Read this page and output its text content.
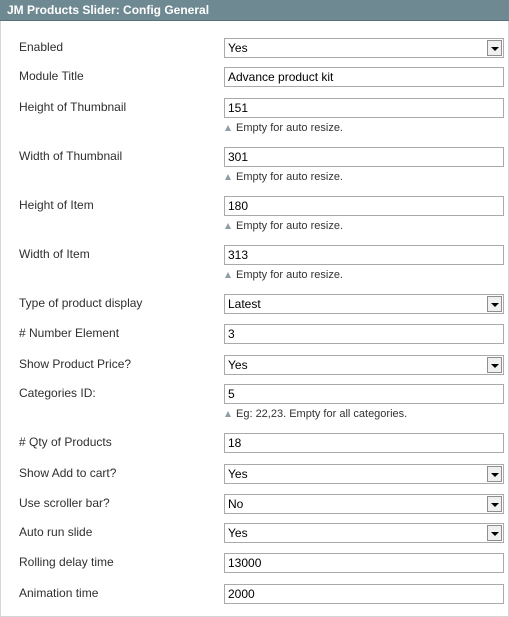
JM Products Slider: Config General
Enabled	Yes
Module Title	Advance product kit
Height of Thumbnail	151
Empty for auto resize.
Width of Thumbnail	301
Empty for auto resize.
Height of Item	180
Empty for auto resize.
Width of Item	313
Empty for auto resize.
Type of product display	Latest
# Number Element	3
Show Product Price?	Yes
Categories ID:	5
Eg: 22,23. Empty for all categories.
# Qty of Products	18
Show Add to cart?	Yes
Use scroller bar?	No
Auto run slide	Yes
Rolling delay time	13000
Animation time	2000
